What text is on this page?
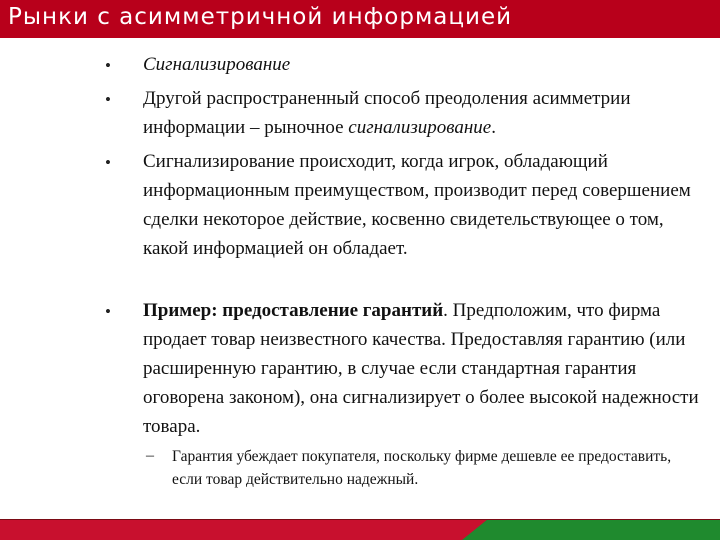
Рынки с асимметричной информацией
• Сигнализирование
• Другой распространенный способ преодоления асимметрии информации – рыночное сигнализирование.
• Сигнализирование происходит, когда игрок, обладающий информационным преимуществом, производит перед совершением сделки некоторое действие, косвенно свидетельствующее о том, какой информацией он обладает.
• Пример: предоставление гарантий. Предположим, что фирма продает товар неизвестного качества. Предоставляя гарантию (или расширенную гарантию, в случае если стандартная гарантия оговорена законом), она сигнализирует о более высокой надежности товара.
– Гарантия убеждает покупателя, поскольку фирме дешевле ее предоставить, если товар действительно надежный.
